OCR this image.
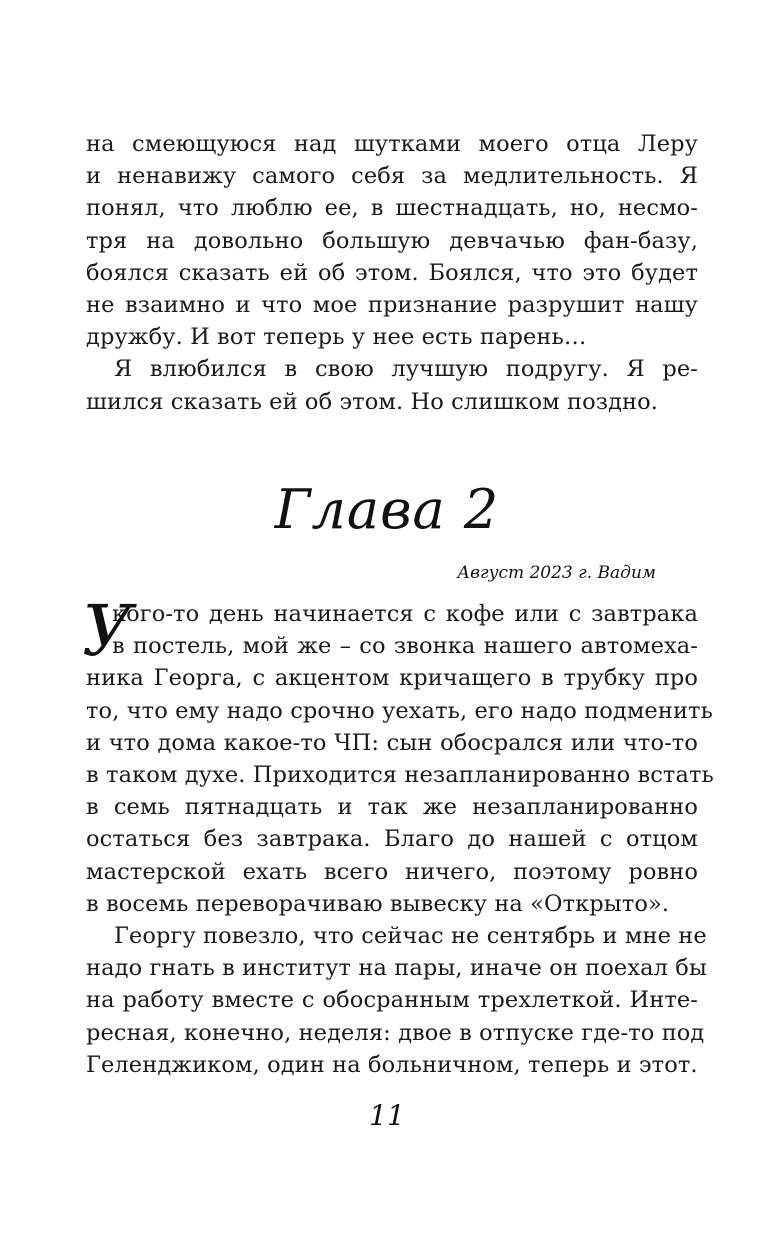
на смеющуюся над шутками моего отца Леру
и ненавижу самого себя за медлительность. Я
понял, что люблю ее, в шестнадцать, но, несмо-
тря на довольно большую девчачью фан-базу,
боялся сказать ей об этом. Боялся, что это будет
не взаимно и что мое признание разрушит нашу
дружбу. И вот теперь у нее есть парень…
Я влюбился в свою лучшую подругу. Я ре-
шился сказать ей об этом. Но слишком поздно.
Глава 2
Август 2023 г. Вадим
У
кого-то день начинается с кофе или с завтрака
в постель, мой же – со звонка нашего автомеха-
ника Георга, с акцентом кричащего в трубку про
то, что ему надо срочно уехать, его надо подменить
и что дома какое-то ЧП: сын обосрался или что-то
в таком духе. Приходится незапланированно встать
в семь пятнадцать и так же незапланированно
остаться без завтрака. Благо до нашей с отцом
мастерской ехать всего ничего, поэтому ровно
в восемь переворачиваю вывеску на «Открыто».
Георгу повезло, что сейчас не сентябрь и мне не
надо гнать в институт на пары, иначе он поехал бы
на работу вместе с обосранным трехлеткой. Инте-
ресная, конечно, неделя: двое в отпуске где-то под
Геленджиком, один на больничном, теперь и этот.
11
